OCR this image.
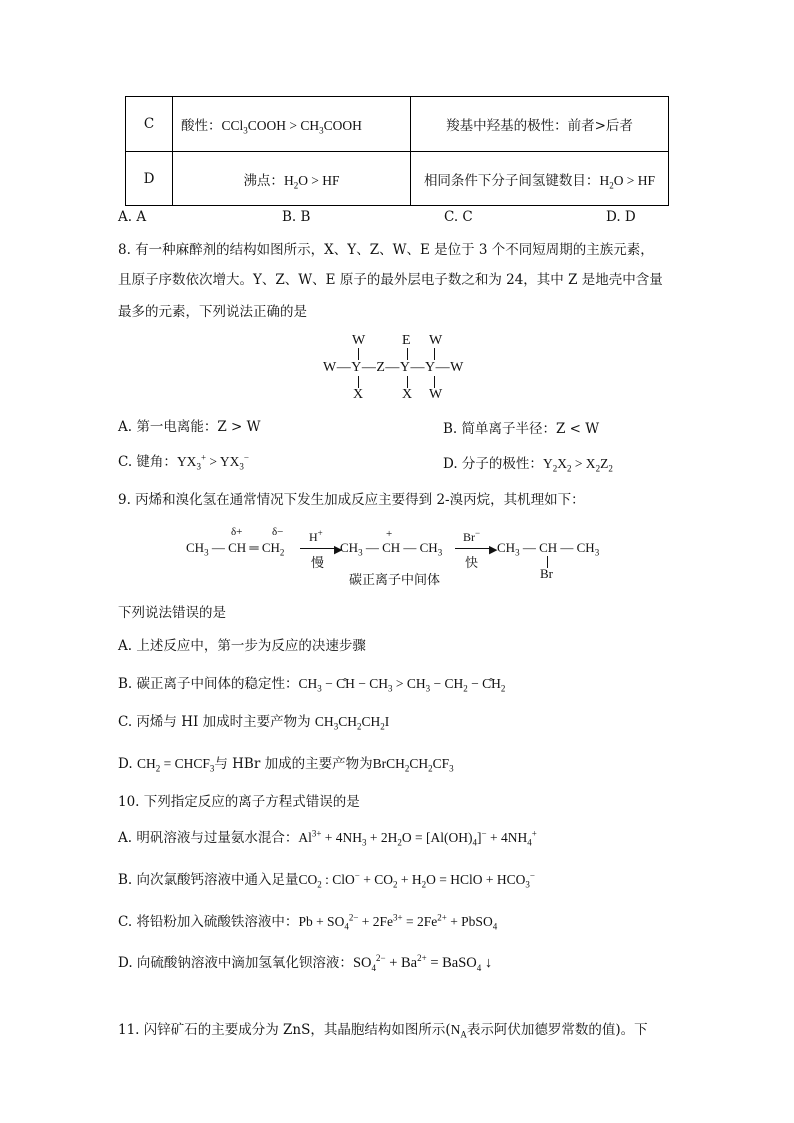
C	酸性：CCl$_3$COOH > $CH_3COOH$	羧基中羟基的极性：前者>后者
D	沸点：$H_2O$ > HF	相同条件下分子间氢键数目：$H_2O$ > HF
A. A	B. B	C. C	D. D
8. 有一种麻醉剂的结构如图所示，X、Y、Z、W、E 是位于 3 个不同短周期的主族元素，
且原子序数依次增大。Y、Z、W、E 原子的最外层电子数之和为 24，其中 Z 是地壳中含量
最多的元素，下列说法正确的是
W	E W
W—Y—Z—Y—Y—W
X	X W
A. 第一电离能：Z > W	B. 简单离子半径：Z < W
C. 键角：$YX_3^+ > YX_3^-$	D. 分子的极性：$Y_2X_2 > X_2Z_2$
9. 丙烯和溴化氢在通常情况下发生加成反应主要得到 2-溴丙烷，其机理如下：
δ+	δ−
$CH_3$ — CH ═ $CH_2$
H+
▶
慢
+
$CH_3$ — CH — $CH_3$
Br−
▶
快
$CH_3$ — CH — $CH_3$
Br
碳正离子中间体
下列说法错误的是
A. 上述反应中，第一步为反应的决速步骤
B. 碳正离子中间体的稳定性：$CH_3$ − C̊H − $CH_3 > CH_3 - CH_2$ − $C̊H_2$
C. 丙烯与 HI 加成时主要产物为 $CH_3CH_2CH_2I$
D. $CH_2$ = $CHCF_3$与 HBr 加成的主要产物为$BrCH_2CH_2CF_3$
10. 下列指定反应的离子方程式错误的是
A. 明矾溶液与过量氨水混合：$Al^{3+} + 4NH_3 + 2H_2O = [Al(OH)_4]^- + 4NH_4^+$
B. 向次氯酸钙溶液中通入足量$CO_2$ : $ClO^- + CO_2 + H_2O$ = HClO + $HCO_3^-$
C. 将铅粉加入硫酸铁溶液中：$Pb + SO_4^{2-} + 2Fe^{3+} = 2Fe^{2+}$ + PbSO$_4$
D. 向硫酸钠溶液中滴加氢氧化钡溶液：$SO_4^{2-} + Ba^{2+}$ = BaSO$_4$ ↓
11. 闪锌矿石的主要成分为 ZnS，其晶胞结构如图所示($N_A$表示阿伏加德罗常数的值)。下
